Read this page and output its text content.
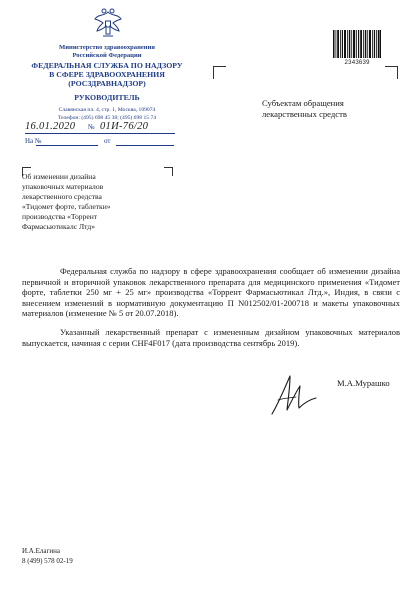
Министерство здравоохранения
Российской Федерации
ФЕДЕРАЛЬНАЯ СЛУЖБА ПО НАДЗОРУ
В СФЕРЕ ЗДРАВООХРАНЕНИЯ
(РОСЗДРАВНАДЗОР)
РУКОВОДИТЕЛЬ
Славянская пл. 4, стр. 1, Москва, 109074
Телефон: (495) 698 45 38; (495) 698 15 74
16.01.2020 № 01И-76/20
На №	от
Об изменении дизайна
упаковочных материалов
лекарственного средства
«Тидомет форте, таблетки»
производства «Торрент
Фармасьютикалс Лтд»
2343639
Субъектам обращения
лекарственных средств

Федеральная служба по надзору в сфере здравоохранения сообщает об изменении дизайна первичной и вторичной упаковок лекарственного препарата для медицинского применения «Тидомет форте, таблетки 250 мг + 25 мг» производства «Торрент Фармасьютикал Лтд.», Индия, в связи с внесением изменений в нормативную документацию П N012502/01-200718 и макеты упаковочных материалов (изменение № 5 от 20.07.2018).

Указанный лекарственный препарат с измененным дизайном упаковочных материалов выпускается, начиная с серии CHF4F017 (дата производства сентябрь 2019).

М.А.Мурашко
И.А.Елагина
8 (499) 578 02-19
